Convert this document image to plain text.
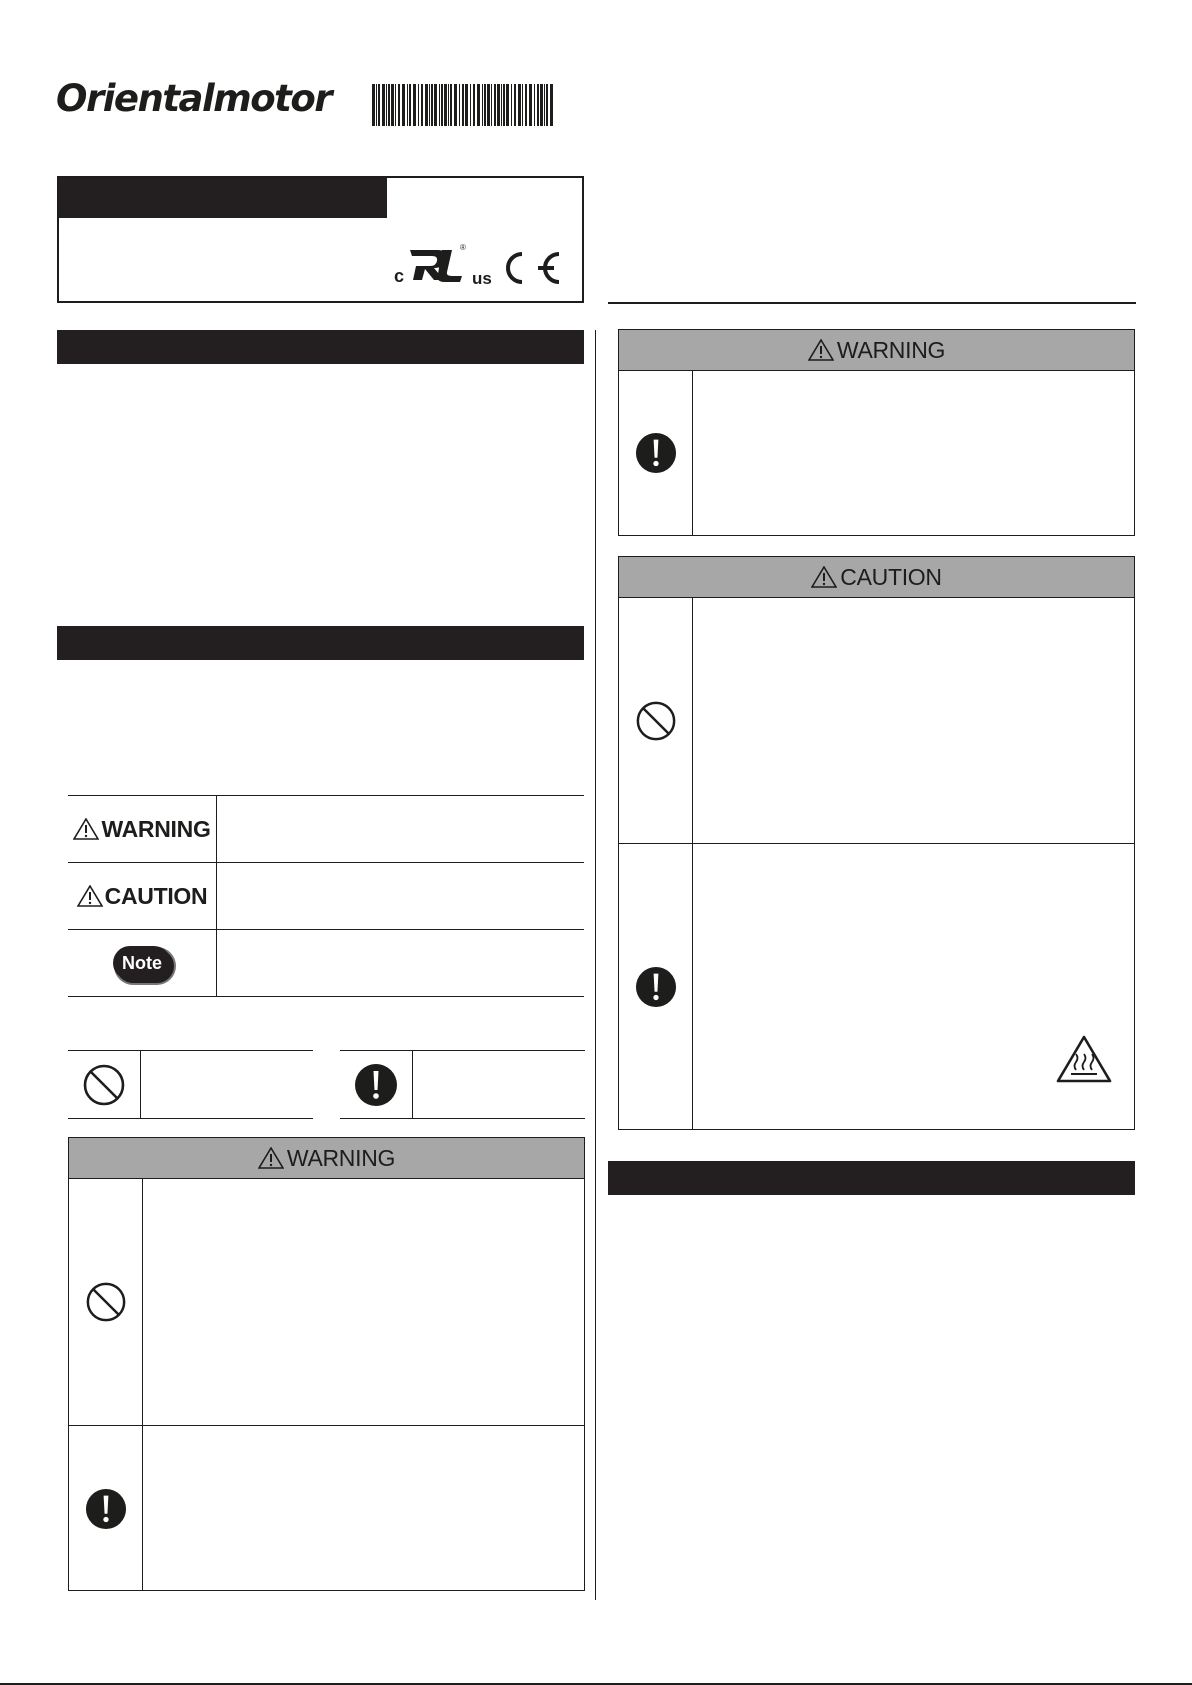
Orientalmotor
c
®
us
WARNING
CAUTION
Note
WARNING
WARNING
CAUTION
